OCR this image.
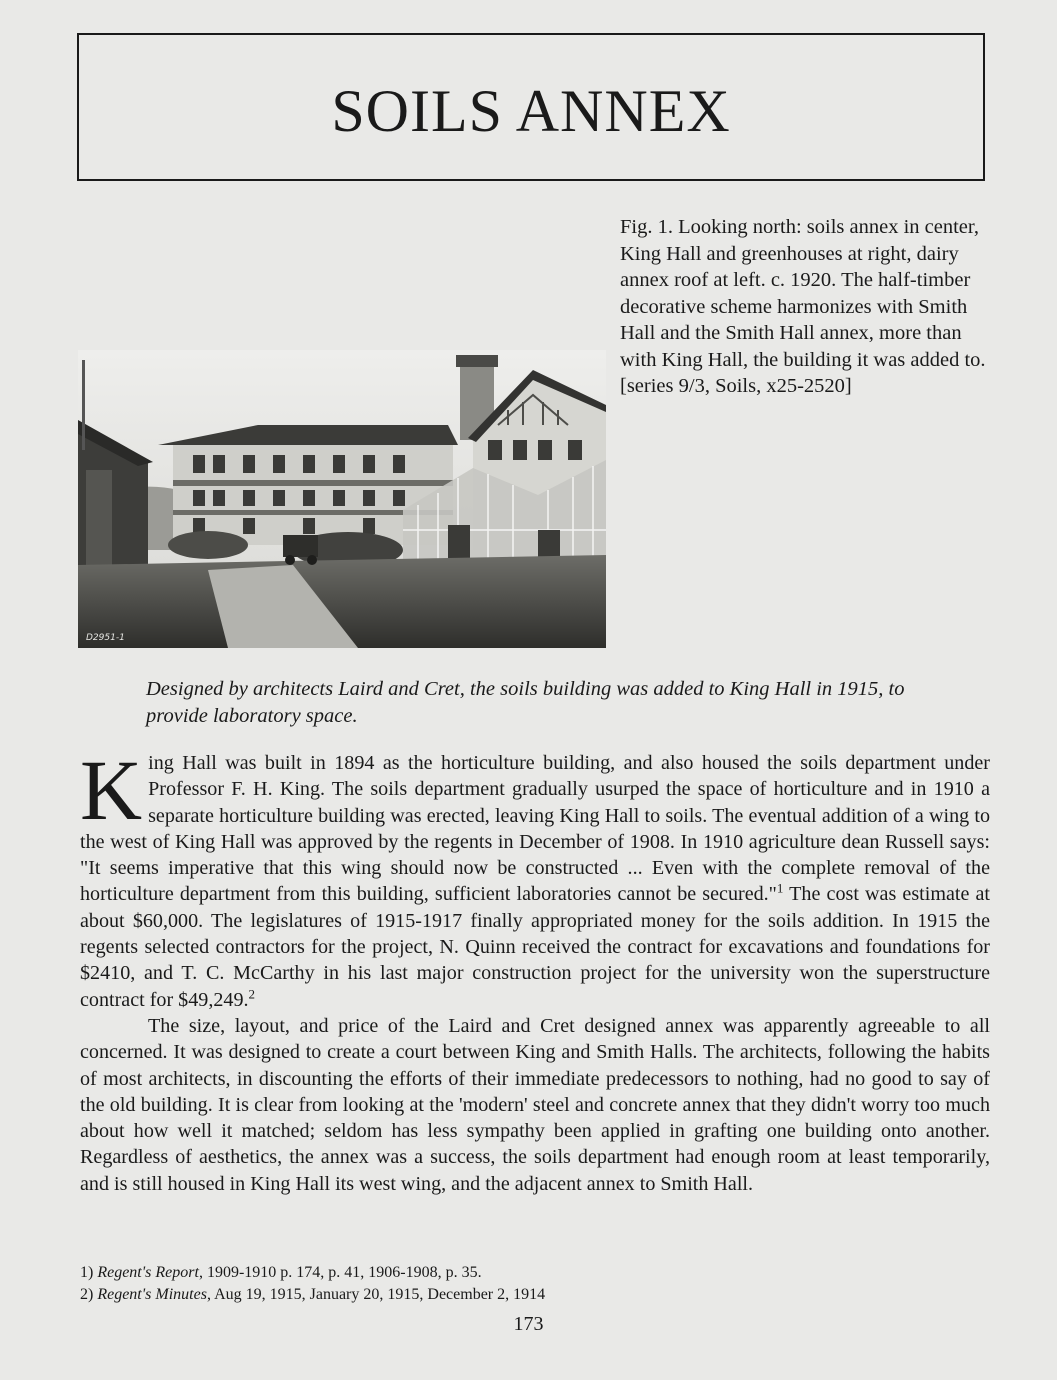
SOILS ANNEX
D2951-1
Fig. 1. Looking north: soils annex in center, King Hall and greenhouses at right, dairy annex roof at left. c. 1920. The half-timber decorative scheme harmonizes with Smith Hall and the Smith Hall annex, more than with King Hall, the building it was added to. [series 9/3, Soils, x25-2520]
Designed by architects Laird and Cret, the soils building was added to King Hall in 1915, to provide laboratory space.

King Hall was built in 1894 as the horticulture building, and also housed the soils department under Professor F. H. King. The soils department gradually usurped the space of horticulture and in 1910 a separate horticulture building was erected, leaving King Hall to soils. The eventual addition of a wing to the west of King Hall was approved by the regents in December of 1908. In 1910 agriculture dean Russell says: "It seems imperative that this wing should now be constructed ... Even with the complete removal of the horticulture department from this building, sufficient laboratories cannot be secured."$^1$ The cost was estimate at about $60,000. The legislatures of 1915-1917 finally appropriated money for the soils addition. In 1915 the regents selected contractors for the project, N. Quinn received the contract for excavations and foundations for $2410, and T. C. McCarthy in his last major construction project for the university won the superstructure contract for $49,249.$^2$

The size, layout, and price of the Laird and Cret designed annex was apparently agreeable to all concerned. It was designed to create a court between King and Smith Halls. The architects, following the habits of most architects, in discounting the efforts of their immediate predecessors to nothing, had no good to say of the old building. It is clear from looking at the 'modern' steel and concrete annex that they didn't worry too much about how well it matched; seldom has less sympathy been applied in grafting one building onto another. Regardless of aesthetics, the annex was a success, the soils department had enough room at least temporarily, and is still housed in King Hall its west wing, and the adjacent annex to Smith Hall.

1) Regent's Report, 1909-1910 p. 174, p. 41, 1906-1908, p. 35.
2) Regent's Minutes, Aug 19, 1915, January 20, 1915, December 2, 1914
173
